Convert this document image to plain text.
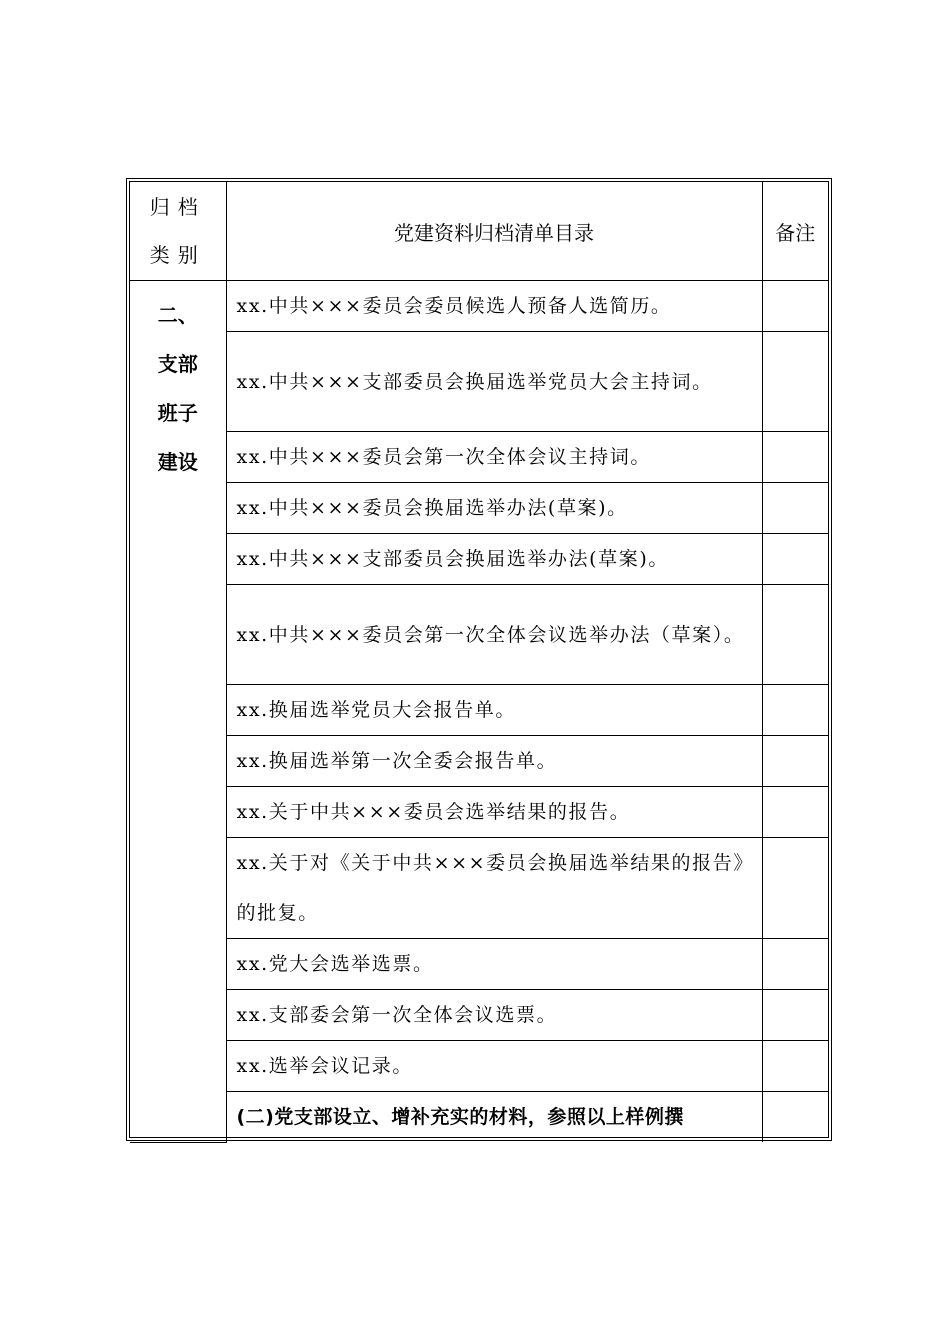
归档
类别	党建资料归档清单目录	备注

二、
支部
班子
建设	xx.中共×××委员会委员候选人预备人选简历。	
	xx.中共×××支部委员会换届选举党员大会主持词。	
	xx.中共×××委员会第一次全体会议主持词。	
	xx.中共×××委员会换届选举办法(草案)。	
	xx.中共×××支部委员会换届选举办法(草案)。	
	xx.中共×××委员会第一次全体会议选举办法（草案）。	
	xx.换届选举党员大会报告单。	
	xx.换届选举第一次全委会报告单。	
	xx.关于中共×××委员会选举结果的报告。	
	xx.关于对《关于中共×××委员会换届选举结果的报告》的批复。	
	xx.党大会选举选票。	
	xx.支部委会第一次全体会议选票。	
	xx.选举会议记录。	
	(二)党支部设立、增补充实的材料，参照以上样例撰	
